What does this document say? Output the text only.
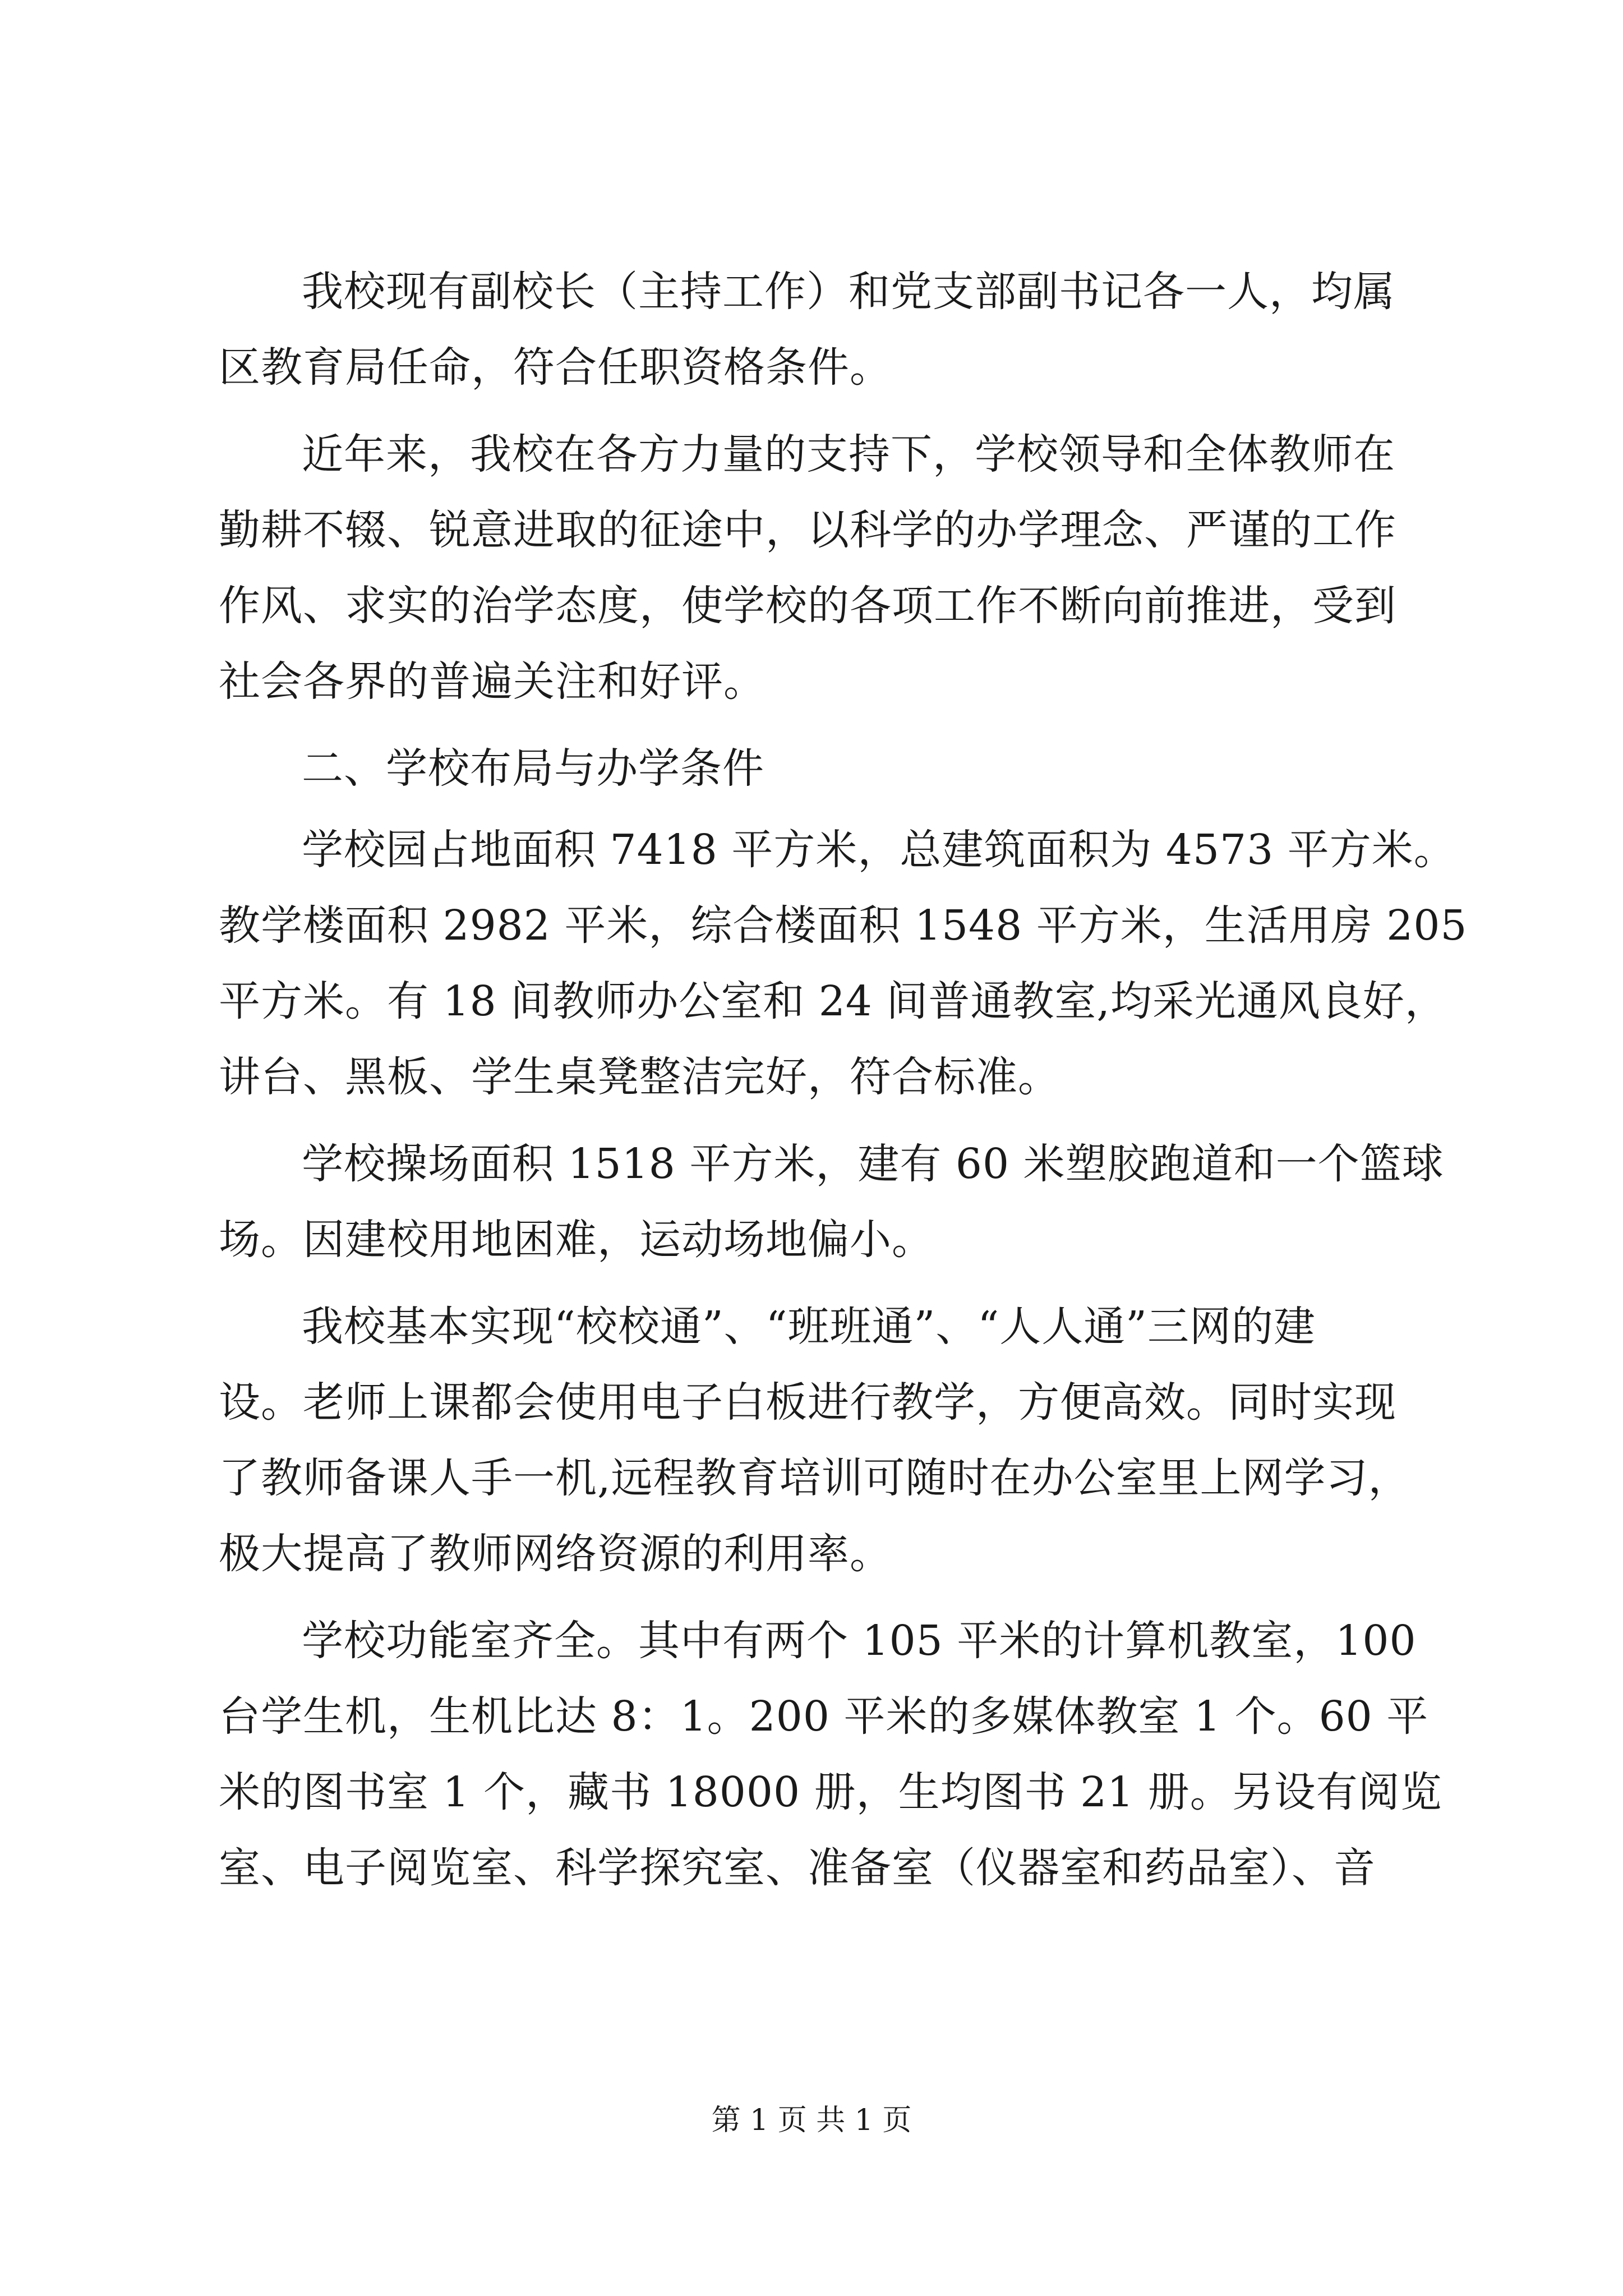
我校现有副校长（主持工作）和党支部副书记各一人，均属
区教育局任命，符合任职资格条件。
近年来，我校在各方力量的支持下，学校领导和全体教师在
勤耕不辍、锐意进取的征途中，以科学的办学理念、严谨的工作
作风、求实的治学态度，使学校的各项工作不断向前推进，受到
社会各界的普遍关注和好评。
二、学校布局与办学条件
学校园占地面积 7418 平方米，总建筑面积为 4573 平方米。
教学楼面积 2982 平米，综合楼面积 1548 平方米，生活用房 205
平方米。有 18 间教师办公室和 24 间普通教室,均采光通风良好，
讲台、黑板、学生桌凳整洁完好，符合标准。
学校操场面积 1518 平方米，建有 60 米塑胶跑道和一个篮球
场。因建校用地困难，运动场地偏小。
我校基本实现“校校通”、“班班通”、“人人通”三网的建
设。老师上课都会使用电子白板进行教学，方便高效。同时实现
了教师备课人手一机,远程教育培训可随时在办公室里上网学习，
极大提高了教师网络资源的利用率。
学校功能室齐全。其中有两个 105 平米的计算机教室，100
台学生机，生机比达 8：1。200 平米的多媒体教室 1 个。60 平
米的图书室 1 个，藏书 18000 册，生均图书 21 册。另设有阅览
室、电子阅览室、科学探究室、准备室（仪器室和药品室）、音
第 1 页 共 1 页
